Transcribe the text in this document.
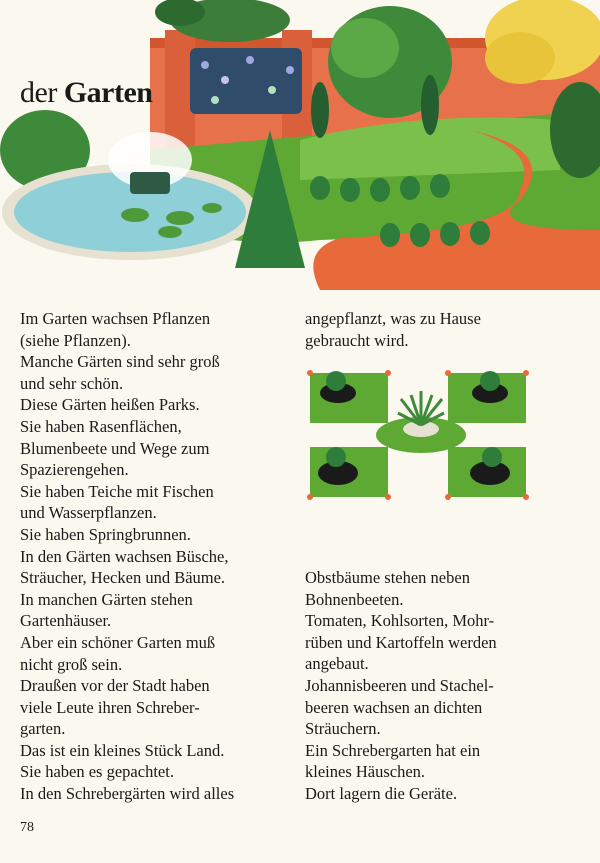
der Garten
Im Garten wachsen Pflanzen
(siehe Pflanzen).
Manche Gärten sind sehr groß
und sehr schön.
Diese Gärten heißen Parks.
Sie haben Rasenflächen,
Blumenbeete und Wege zum
Spazierengehen.
Sie haben Teiche mit Fischen
und Wasserpflanzen.
Sie haben Springbrunnen.
In den Gärten wachsen Büsche,
Sträucher, Hecken und Bäume.
In manchen Gärten stehen
Gartenhäuser.
Aber ein schöner Garten muß
nicht groß sein.
Draußen vor der Stadt haben
viele Leute ihren Schreber-
garten.
Das ist ein kleines Stück Land.
Sie haben es gepachtet.
In den Schrebergärten wird alles
angepflanzt, was zu Hause
gebraucht wird.
Obstbäume stehen neben
Bohnenbeeten.
Tomaten, Kohlsorten, Mohr-
rüben und Kartoffeln werden
angebaut.
Johannisbeeren und Stachel-
beeren wachsen an dichten
Sträuchern.
Ein Schrebergarten hat ein
kleines Häuschen.
Dort lagern die Geräte.
78
